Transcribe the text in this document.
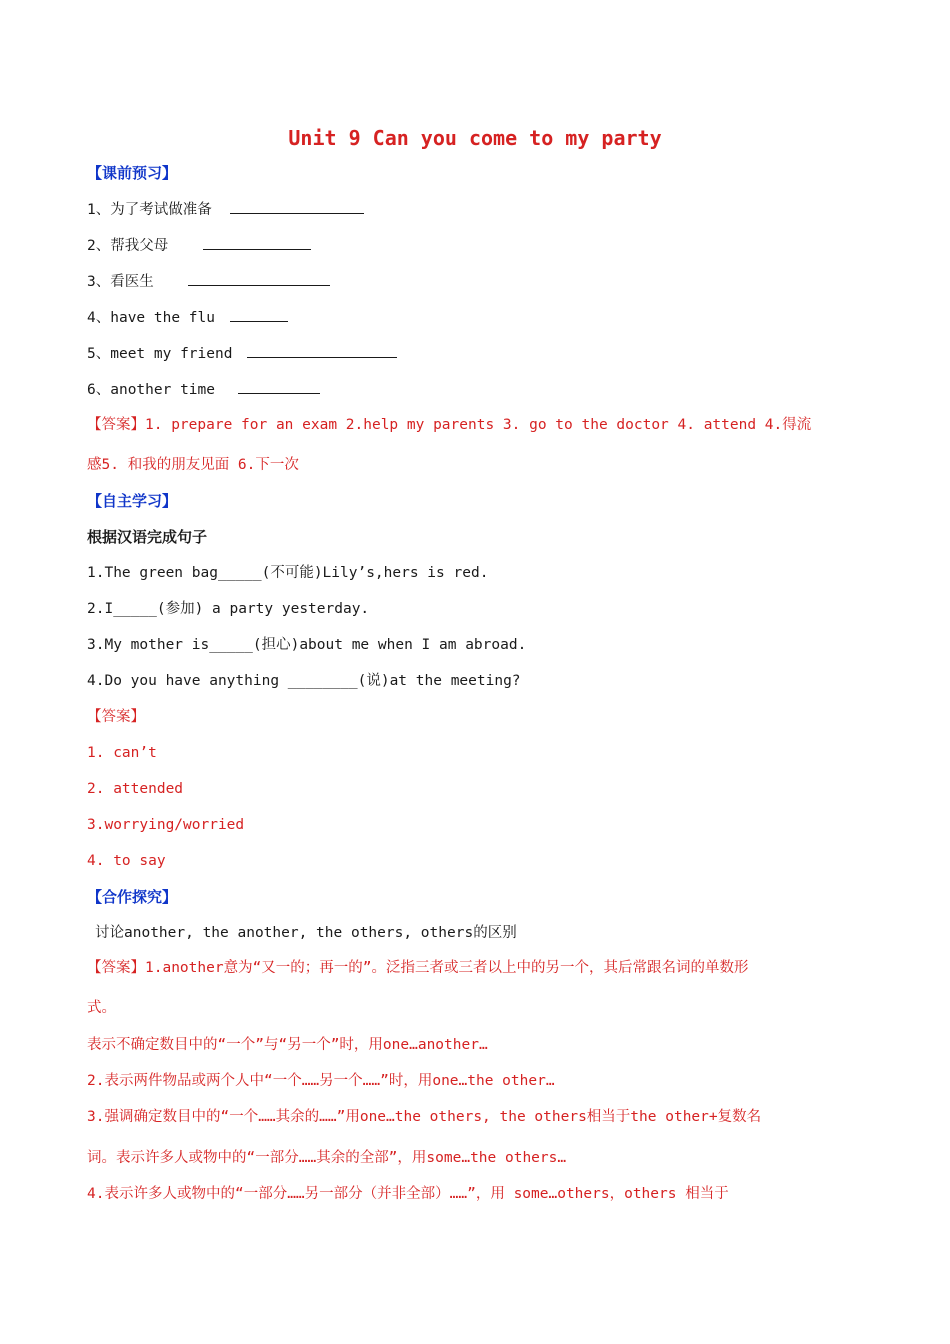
Unit 9 Can you come to my party
【课前预习】
1、为了考试做准备
2、帮我父母
3、看医生
4、have the flu
5、meet my friend
6、another time
【答案】1. prepare for an exam 2.help my parents 3. go to the doctor 4. attend 4.得流
感5. 和我的朋友见面 6.下一次
【自主学习】
根据汉语完成句子
1.The green bag_____(不可能)Lily’s,hers is red.
2.I_____(参加) a party yesterday.
3.My mother is_____(担心)about me when I am abroad.
4.Do you have anything ________(说)at the meeting?
【答案】
1. can’t
2. attended
3.worrying/worried
4. to say
【合作探究】
讨论another, the another, the others, others的区别
【答案】1.another意为“又一的；再一的”。泛指三者或三者以上中的另一个，其后常跟名词的单数形
式。
表示不确定数目中的“一个”与“另一个”时，用one…another…
2.表示两件物品或两个人中“一个……另一个……”时，用one…the other…
3.强调确定数目中的“一个……其余的……”用one…the others, the others相当于the other+复数名
词。表示许多人或物中的“一部分……其余的全部”，用some…the others…
4.表示许多人或物中的“一部分……另一部分（并非全部）……”，用 some…others，others 相当于
